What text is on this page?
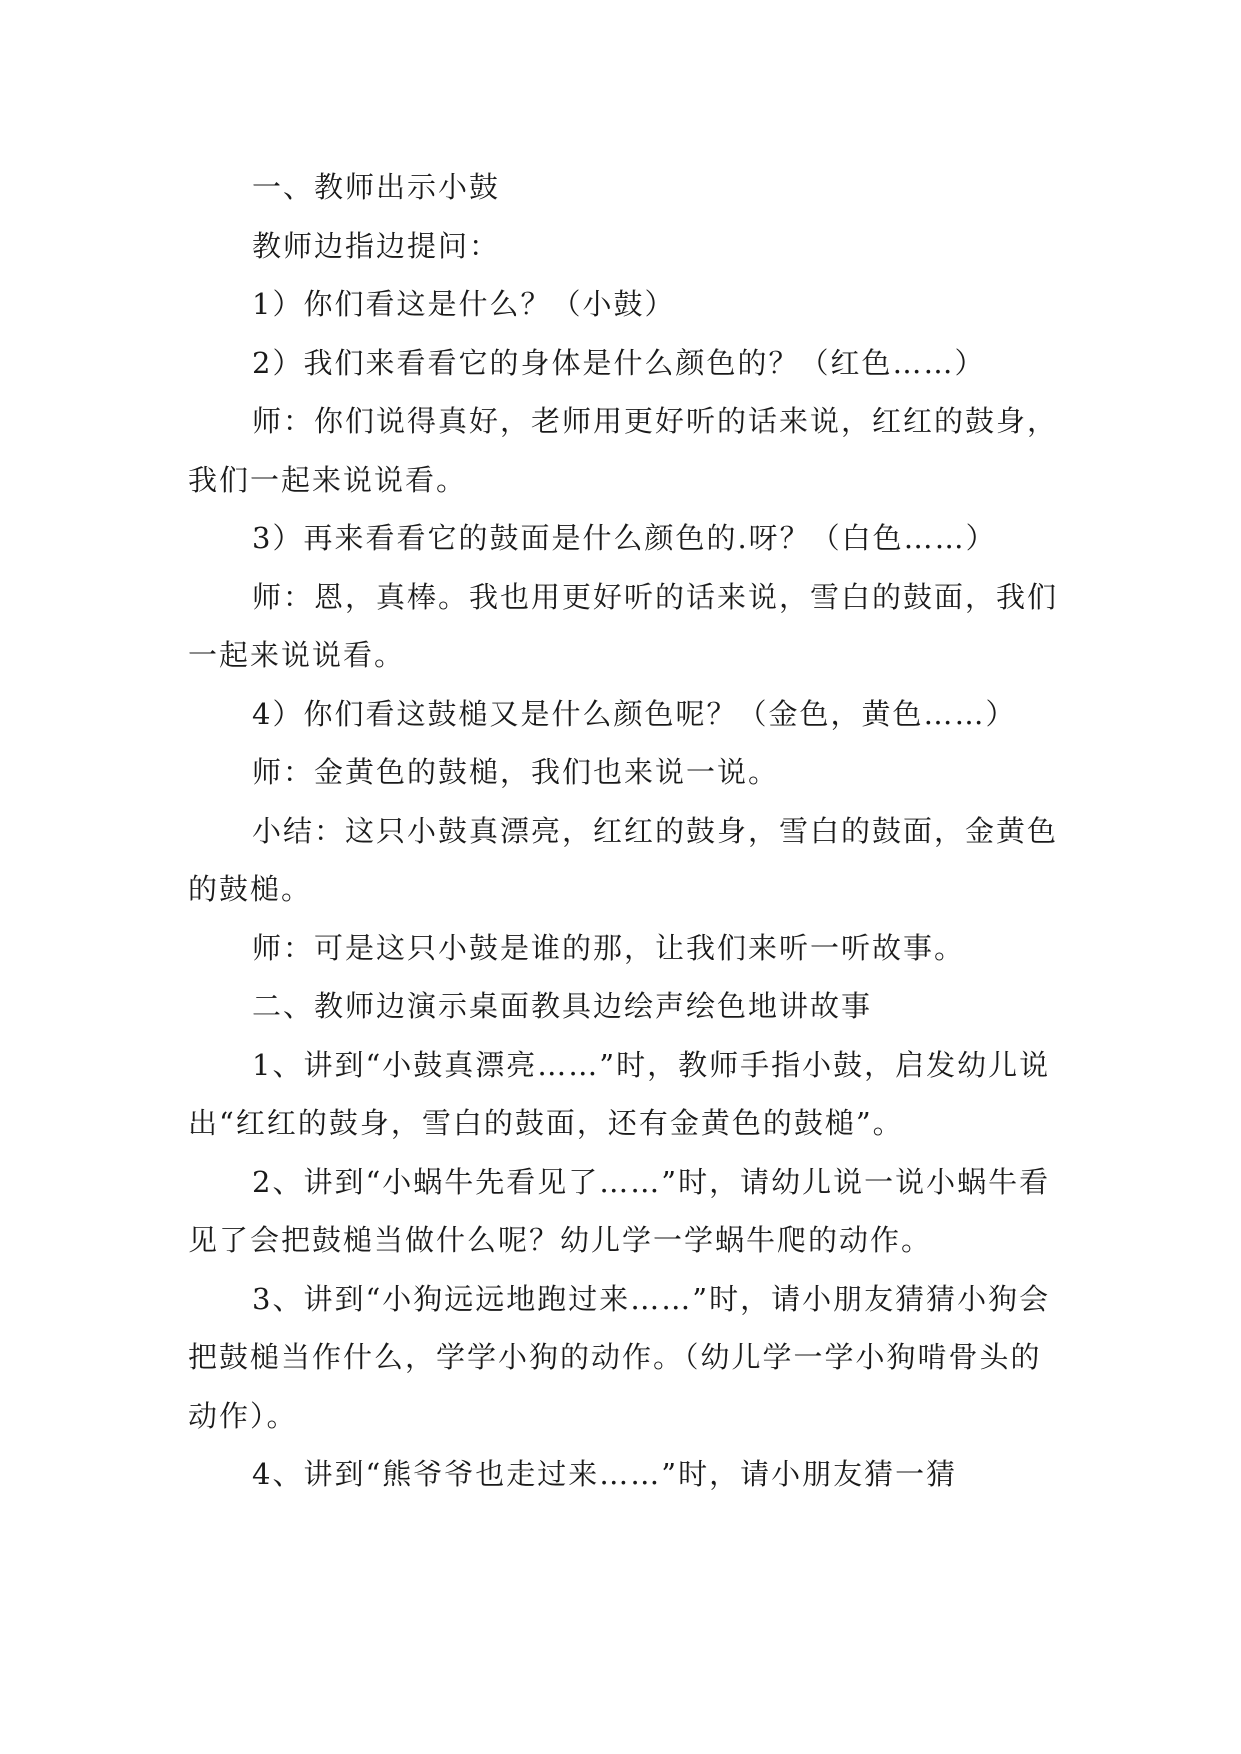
一、教师出示小鼓

教师边指边提问：

1）你们看这是什么？（小鼓）

2）我们来看看它的身体是什么颜色的？（红色……）

师：你们说得真好，老师用更好听的话来说，红红的鼓身，我们一起来说说看。

3）再来看看它的鼓面是什么颜色的.呀？（白色……）

师：恩，真棒。我也用更好听的话来说，雪白的鼓面，我们一起来说说看。

4）你们看这鼓槌又是什么颜色呢？（金色，黄色……）

师：金黄色的鼓槌，我们也来说一说。

小结：这只小鼓真漂亮，红红的鼓身，雪白的鼓面，金黄色的鼓槌。

师：可是这只小鼓是谁的那，让我们来听一听故事。

二、教师边演示桌面教具边绘声绘色地讲故事

1、讲到“小鼓真漂亮……”时，教师手指小鼓，启发幼儿说出“红红的鼓身，雪白的鼓面，还有金黄色的鼓槌”。

2、讲到“小蜗牛先看见了……”时，请幼儿说一说小蜗牛看见了会把鼓槌当做什么呢？幼儿学一学蜗牛爬的动作。

3、讲到“小狗远远地跑过来……”时，请小朋友猜猜小狗会把鼓槌当作什么，学学小狗的动作。（幼儿学一学小狗啃骨头的动作）。

4、讲到“熊爷爷也走过来……”时，请小朋友猜一猜
